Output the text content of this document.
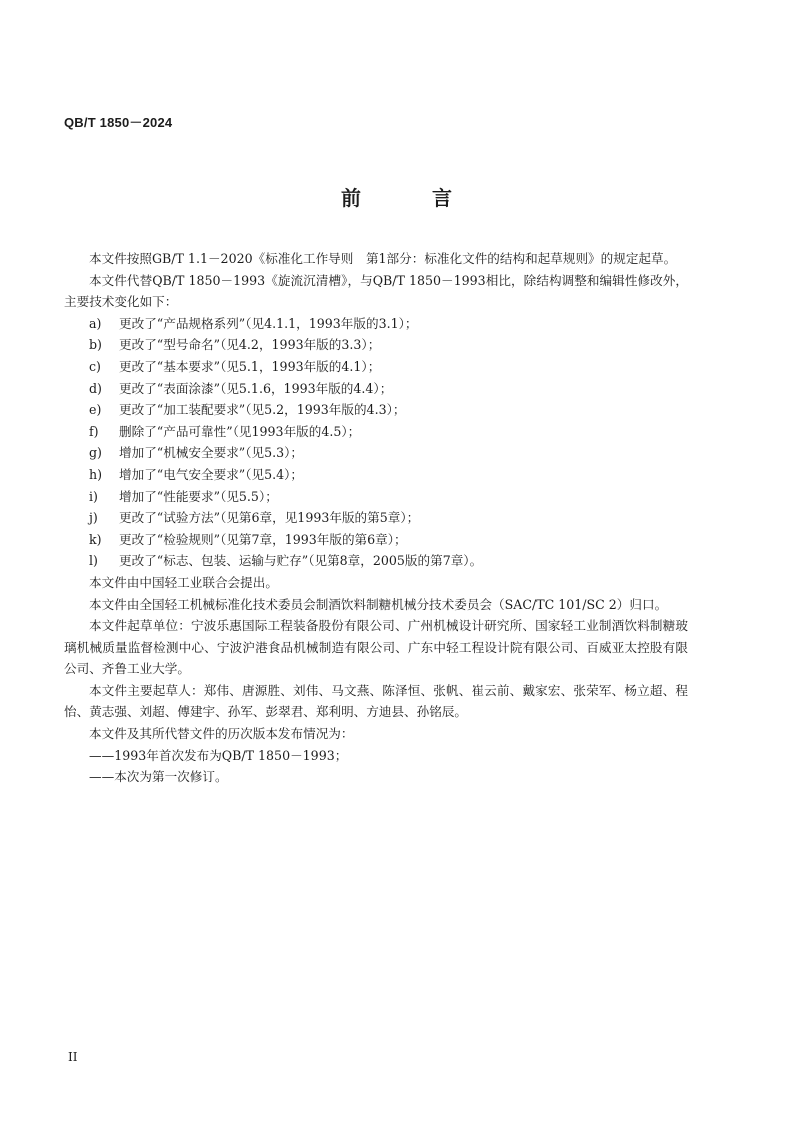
QB/T 1850－2024
前 言

本文件按照GB/T 1.1－2020《标准化工作导则　第1部分：标准化文件的结构和起草规则》的规定起草。

本文件代替QB/T 1850－1993《旋流沉清槽》，与QB/T 1850－1993相比，除结构调整和编辑性修改外，主要技术变化如下：

a) 更改了“产品规格系列”（见4.1.1，1993年版的3.1）；

b) 更改了“型号命名”（见4.2，1993年版的3.3）；

c) 更改了“基本要求”（见5.1，1993年版的4.1）；

d) 更改了“表面涂漆”（见5.1.6，1993年版的4.4）；

e) 更改了“加工装配要求”（见5.2，1993年版的4.3）；

f) 删除了“产品可靠性”（见1993年版的4.5）；

g) 增加了“机械安全要求”（见5.3）；

h) 增加了“电气安全要求”（见5.4）；

i) 增加了“性能要求”（见5.5）；

j) 更改了“试验方法”（见第6章，见1993年版的第5章）；

k) 更改了“检验规则”（见第7章，1993年版的第6章）；

l) 更改了“标志、包装、运输与贮存”（见第8章，2005版的第7章）。

本文件由中国轻工业联合会提出。

本文件由全国轻工机械标准化技术委员会制酒饮料制糖机械分技术委员会（SAC/TC 101/SC 2）归口。

本文件起草单位：宁波乐惠国际工程装备股份有限公司、广州机械设计研究所、国家轻工业制酒饮料制糖玻璃机械质量监督检测中心、宁波沪港食品机械制造有限公司、广东中轻工程设计院有限公司、百威亚太控股有限公司、齐鲁工业大学。

本文件主要起草人：郑伟、唐源胜、刘伟、马文燕、陈泽恒、张帆、崔云前、戴家宏、张荣军、杨立超、程怡、黄志强、刘超、傅建宇、孙军、彭翠君、郑利明、方迪县、孙铭辰。

本文件及其所代替文件的历次版本发布情况为：

——1993年首次发布为QB/T 1850－1993；

——本次为第一次修订。

II
